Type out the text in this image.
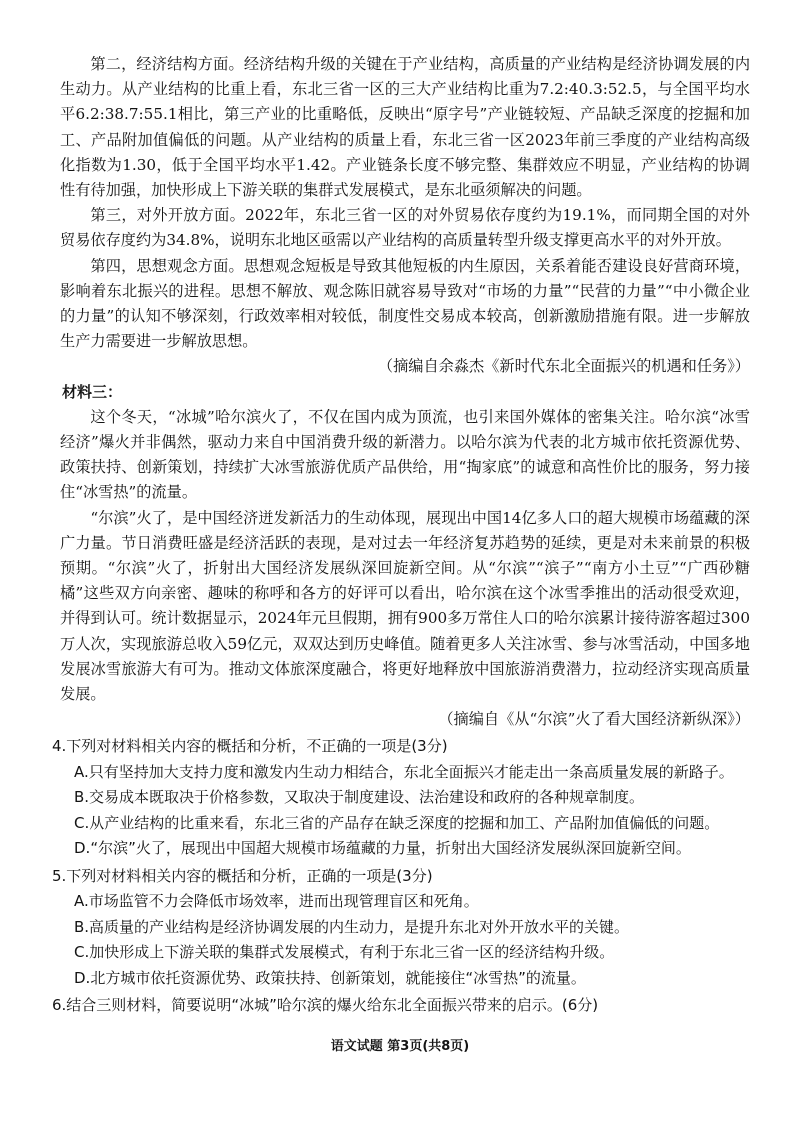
第二，经济结构方面。经济结构升级的关键在于产业结构，高质量的产业结构是经济协调发展的内生动力。从产业结构的比重上看，东北三省一区的三大产业结构比重为7.2:40.3:52.5，与全国平均水平6.2:38.7:55.1相比，第三产业的比重略低，反映出“原字号”产业链较短、产品缺乏深度的挖掘和加工、产品附加值偏低的问题。从产业结构的质量上看，东北三省一区2023年前三季度的产业结构高级化指数为1.30，低于全国平均水平1.42。产业链条长度不够完整、集群效应不明显，产业结构的协调性有待加强，加快形成上下游关联的集群式发展模式，是东北亟须解决的问题。

第三，对外开放方面。2022年，东北三省一区的对外贸易依存度约为19.1%，而同期全国的对外贸易依存度约为34.8%，说明东北地区亟需以产业结构的高质量转型升级支撑更高水平的对外开放。

第四，思想观念方面。思想观念短板是导致其他短板的内生原因，关系着能否建设良好营商环境，影响着东北振兴的进程。思想不解放、观念陈旧就容易导致对“市场的力量”“民营的力量”“中小微企业的力量”的认知不够深刻，行政效率相对较低，制度性交易成本较高，创新激励措施有限。进一步解放生产力需要进一步解放思想。

（摘编自余淼杰《新时代东北全面振兴的机遇和任务》）

材料三：

这个冬天，“冰城”哈尔滨火了，不仅在国内成为顶流，也引来国外媒体的密集关注。哈尔滨“冰雪经济”爆火并非偶然，驱动力来自中国消费升级的新潜力。以哈尔滨为代表的北方城市依托资源优势、政策扶持、创新策划，持续扩大冰雪旅游优质产品供给，用“掏家底”的诚意和高性价比的服务，努力接住“冰雪热”的流量。

“尔滨”火了，是中国经济迸发新活力的生动体现，展现出中国14亿多人口的超大规模市场蕴藏的深广力量。节日消费旺盛是经济活跃的表现，是对过去一年经济复苏趋势的延续，更是对未来前景的积极预期。“尔滨”火了，折射出大国经济发展纵深回旋新空间。从“尔滨”“滨子”“南方小土豆”“广西砂糖橘”这些双方向亲密、趣味的称呼和各方的好评可以看出，哈尔滨在这个冰雪季推出的活动很受欢迎，并得到认可。统计数据显示，2024年元旦假期，拥有900多万常住人口的哈尔滨累计接待游客超过300万人次，实现旅游总收入59亿元，双双达到历史峰值。随着更多人关注冰雪、参与冰雪活动，中国多地发展冰雪旅游大有可为。推动文体旅深度融合，将更好地释放中国旅游消费潜力，拉动经济实现高质量发展。

（摘编自《从“尔滨”火了看大国经济新纵深》）

4.下列对材料相关内容的概括和分析，不正确的一项是(3分)

A.只有坚持加大支持力度和激发内生动力相结合，东北全面振兴才能走出一条高质量发展的新路子。

B.交易成本既取决于价格参数，又取决于制度建设、法治建设和政府的各种规章制度。

C.从产业结构的比重来看，东北三省的产品存在缺乏深度的挖掘和加工、产品附加值偏低的问题。

D.“尔滨”火了，展现出中国超大规模市场蕴藏的力量，折射出大国经济发展纵深回旋新空间。

5.下列对材料相关内容的概括和分析，正确的一项是(3分)

A.市场监管不力会降低市场效率，进而出现管理盲区和死角。

B.高质量的产业结构是经济协调发展的内生动力，是提升东北对外开放水平的关键。

C.加快形成上下游关联的集群式发展模式，有利于东北三省一区的经济结构升级。

D.北方城市依托资源优势、政策扶持、创新策划，就能接住“冰雪热”的流量。

6.结合三则材料，简要说明“冰城”哈尔滨的爆火给东北全面振兴带来的启示。(6分)

语文试题 第3页(共8页)
